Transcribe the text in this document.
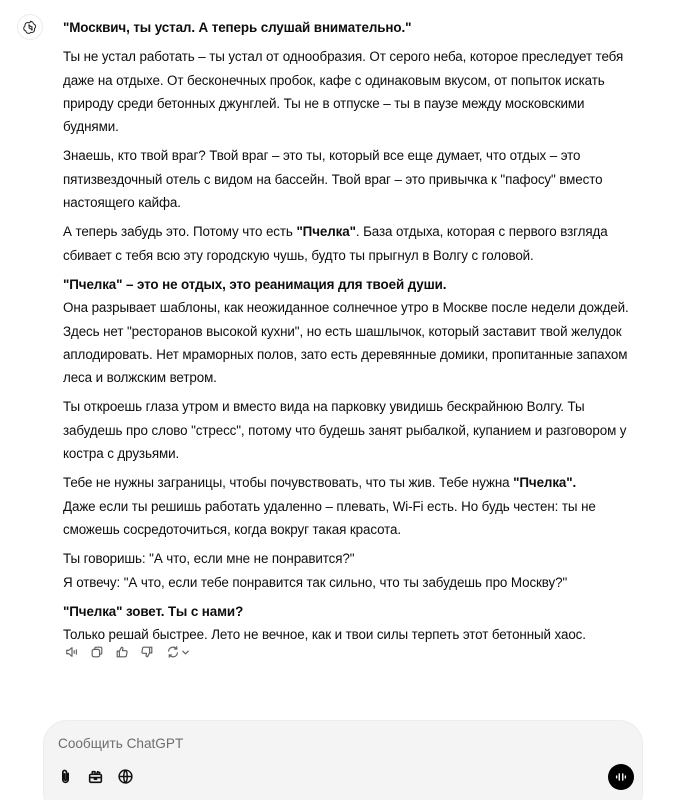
"Москвич, ты устал. А теперь слушай внимательно."

Ты не устал работать – ты устал от однообразия. От серого неба, которое преследует тебя даже на отдыхе. От бесконечных пробок, кафе с одинаковым вкусом, от попыток искать природу среди бетонных джунглей. Ты не в отпуске – ты в паузе между московскими буднями.

Знаешь, кто твой враг? Твой враг – это ты, который все еще думает, что отдых – это пятизвездочный отель с видом на бассейн. Твой враг – это привычка к "пафосу" вместо настоящего кайфа.

А теперь забудь это. Потому что есть "Пчелка". База отдыха, которая с первого взгляда сбивает с тебя всю эту городскую чушь, будто ты прыгнул в Волгу с головой.

"Пчелка" – это не отдых, это реанимация для твоей души.

Она разрывает шаблоны, как неожиданное солнечное утро в Москве после недели дождей. Здесь нет "ресторанов высокой кухни", но есть шашлычок, который заставит твой желудок аплодировать. Нет мраморных полов, зато есть деревянные домики, пропитанные запахом леса и волжским ветром.

Ты откроешь глаза утром и вместо вида на парковку увидишь бескрайнюю Волгу. Ты забудешь про слово "стресс", потому что будешь занят рыбалкой, купанием и разговором у костра с друзьями.

Тебе не нужны заграницы, чтобы почувствовать, что ты жив. Тебе нужна "Пчелка".

Даже если ты решишь работать удаленно – плевать, Wi-Fi есть. Но будь честен: ты не сможешь сосредоточиться, когда вокруг такая красота.

Ты говоришь: "А что, если мне не понравится?"

Я отвечу: "А что, если тебе понравится так сильно, что ты забудешь про Москву?"

"Пчелка" зовет. Ты с нами?

Только решай быстрее. Лето не вечное, как и твои силы терпеть этот бетонный хаос.

Сообщить ChatGPT
